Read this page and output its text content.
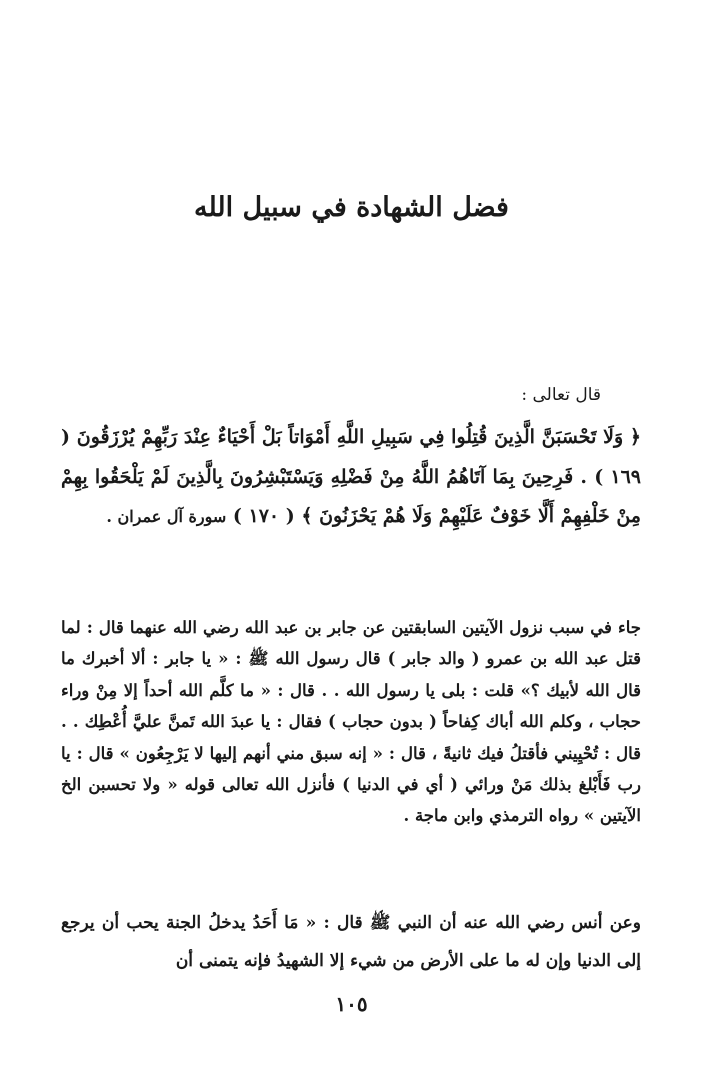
فضل الشهادة في سبيل الله

قال تعالى :

﴿ وَلَا تَحْسَبَنَّ الَّذِينَ قُتِلُوا فِي سَبِيلِ اللَّهِ أَمْوَاتاً بَلْ أَحْيَاءٌ عِنْدَ رَبِّهِمْ يُرْزَقُونَ ( ١٦٩ ) . فَرِحِينَ بِمَا آتَاهُمُ اللَّهُ مِنْ فَضْلِهِ وَيَسْتَبْشِرُونَ بِالَّذِينَ لَمْ يَلْحَقُوا بِهِمْ مِنْ خَلْفِهِمْ أَلَّا خَوْفٌ عَلَيْهِمْ وَلَا هُمْ يَحْزَنُونَ ﴾ ( ١٧٠ ) سورة آل عمران .

جاء في سبب نزول الآيتين السابقتين عن جابر بن عبد الله رضي الله عنهما قال : لما قتل عبد الله بن عمرو ( والد جابر ) قال رسول الله ﷺ : « يا جابر : ألا أخبرك ما قال الله لأبيك ؟» قلت : بلى يا رسول الله . . قال : « ما كلَّم الله أحداً إلا مِنْ وراء حجاب ، وكلم الله أباك كِفاحاً ( بدون حجاب ) فقال : يا عبدَ الله تَمنَّ عليَّ أُعْطِك . . قال : تُحْيِيني فأقتلُ فيك ثانيةً ، قال : « إنه سبق مني أنهم إليها لا يَرْجِعُون » قال : يا رب فَأَبْلغ بذلك مَنْ ورائي ( أي في الدنيا ) فأنزل الله تعالى قوله « ولا تحسبن الخ الآيتين » رواه الترمذي وابن ماجة .

وعن أنس رضي الله عنه أن النبي ﷺ قال : « مَا أَحَدُ يدخلُ الجنة يحب أن يرجع إلى الدنيا وإن له ما على الأرض من شيء إلا الشهيدُ فإنه يتمنى أن

١٠٥
